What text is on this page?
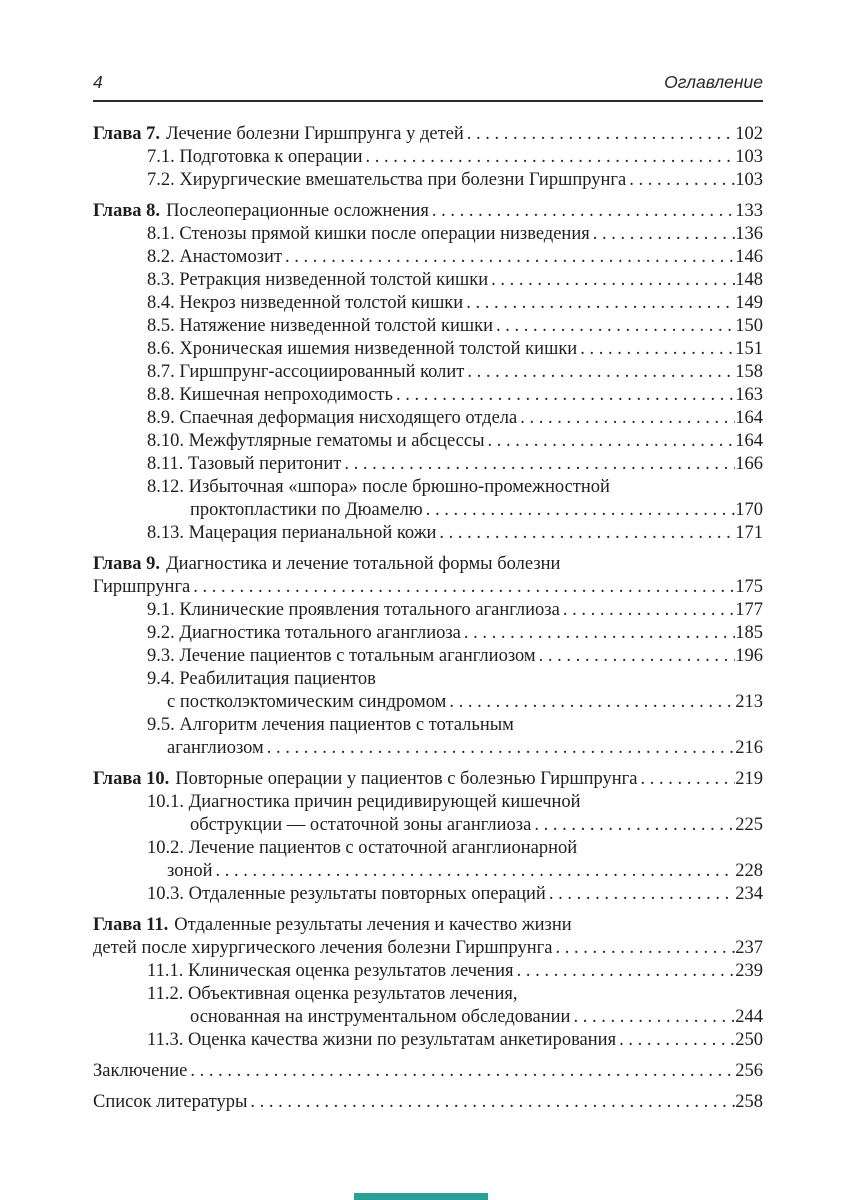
4	Оглавление
Глава 7. Лечение болезни Гиршпрунга у детей . . .	102
7.1. Подготовка к операции . . .	103
7.2. Хирургические вмешательства при болезни Гиршпрунга . . .	103
Глава 8. Послеоперационные осложнения . . .	133
8.1. Стенозы прямой кишки после операции низведения . . .	136
8.2. Анастомозит . . .	146
8.3. Ретракция низведенной толстой кишки . . .	148
8.4. Некроз низведенной толстой кишки . . .	149
8.5. Натяжение низведенной толстой кишки . . .	150
8.6. Хроническая ишемия низведенной толстой кишки . . .	151
8.7. Гиршпрунг-ассоциированный колит . . .	158
8.8. Кишечная непроходимость . . .	163
8.9. Спаечная деформация нисходящего отдела . . .	164
8.10. Межфутлярные гематомы и абсцессы . . .	164
8.11. Тазовый перитонит . . .	166
8.12. Избыточная «шпора» после брюшно-промежностной
проктопластики по Дюамелю . . .	170
8.13. Мацерация перианальной кожи . . .	171
Глава 9. Диагностика и лечение тотальной формы болезни
Гиршпрунга . . .	175
9.1. Клинические проявления тотального аганглиоза . . .	177
9.2. Диагностика тотального аганглиоза . . .	185
9.3. Лечение пациентов с тотальным аганглиозом . . .	196
9.4. Реабилитация пациентов
с постколэктомическим синдромом . . .	213
9.5. Алгоритм лечения пациентов с тотальным
аганглиозом . . .	216
Глава 10. Повторные операции у пациентов с болезнью Гиршпрунга . . .	219
10.1. Диагностика причин рецидивирующей кишечной
обструкции — остаточной зоны аганглиоза . . .	225
10.2. Лечение пациентов с остаточной аганглионарной
зоной . . .	228
10.3. Отдаленные результаты повторных операций . . .	234
Глава 11. Отдаленные результаты лечения и качество жизни
детей после хирургического лечения болезни Гиршпрунга . . .	237
11.1. Клиническая оценка результатов лечения . . .	239
11.2. Объективная оценка результатов лечения,
основанная на инструментальном обследовании . . .	244
11.3. Оценка качества жизни по результатам анкетирования . . .	250
Заключение . . .	256
Список литературы . . .	258
